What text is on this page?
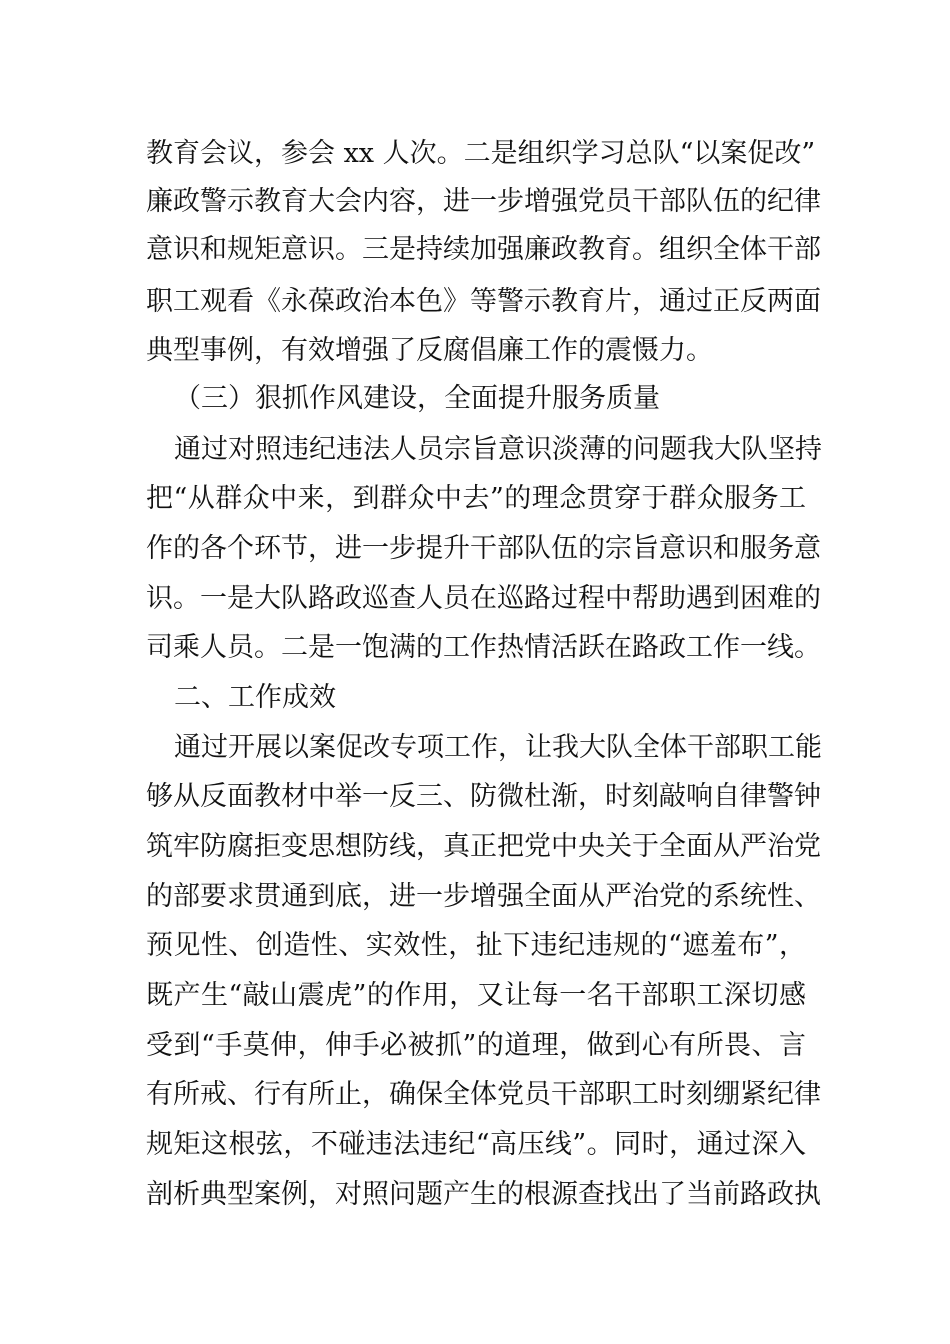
教育会议，参会 xx 人次。二是组织学习总队“以案促改”
廉政警示教育大会内容，进一步增强党员干部队伍的纪律
意识和规矩意识。三是持续加强廉政教育。组织全体干部
职工观看《永葆政治本色》等警示教育片，通过正反两面
典型事例，有效增强了反腐倡廉工作的震慑力。
（三）狠抓作风建设，全面提升服务质量
通过对照违纪违法人员宗旨意识淡薄的问题我大队坚持
把“从群众中来，到群众中去”的理念贯穿于群众服务工
作的各个环节，进一步提升干部队伍的宗旨意识和服务意
识。一是大队路政巡查人员在巡路过程中帮助遇到困难的
司乘人员。二是一饱满的工作热情活跃在路政工作一线。
二、工作成效
通过开展以案促改专项工作，让我大队全体干部职工能
够从反面教材中举一反三、防微杜渐，时刻敲响自律警钟
筑牢防腐拒变思想防线，真正把党中央关于全面从严治党
的部要求贯通到底，进一步增强全面从严治党的系统性、
预见性、创造性、实效性，扯下违纪违规的“遮羞布”，
既产生“敲山震虎”的作用，又让每一名干部职工深切感
受到“手莫伸，伸手必被抓”的道理，做到心有所畏、言
有所戒、行有所止，确保全体党员干部职工时刻绷紧纪律
规矩这根弦，不碰违法违纪“高压线”。同时，通过深入
剖析典型案例，对照问题产生的根源查找出了当前路政执
